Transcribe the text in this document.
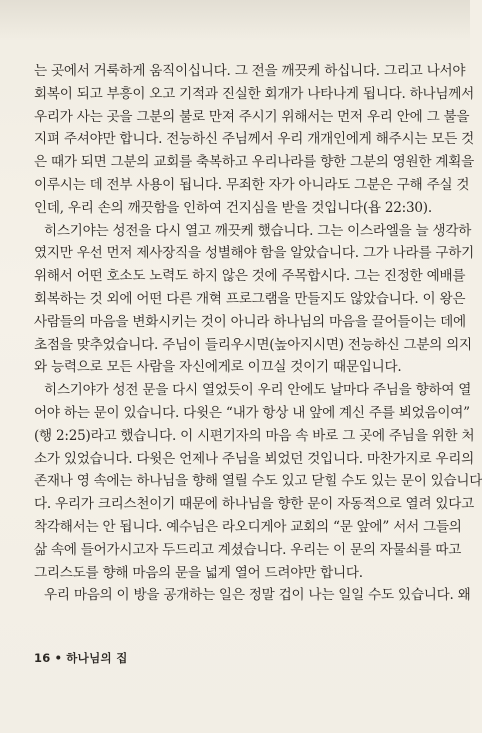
는 곳에서 거룩하게 움직이십니다. 그 전을 깨끗케 하십니다. 그리고 나서야
회복이 되고 부흥이 오고 기적과 진실한 회개가 나타나게 됩니다. 하나님께서
우리가 사는 곳을 그분의 불로 만져 주시기 위해서는 먼저 우리 안에 그 불을
지펴 주셔야만 합니다. 전능하신 주님께서 우리 개개인에게 해주시는 모든 것
은 때가 되면 그분의 교회를 축복하고 우리나라를 향한 그분의 영원한 계획을
이루시는 데 전부 사용이 됩니다. 무죄한 자가 아니라도 그분은 구해 주실 것
인데, 우리 손의 깨끗함을 인하여 건지심을 받을 것입니다(욥 22:30).

히스기야는 성전을 다시 열고 깨끗케 했습니다. 그는 이스라엘을 늘 생각하
였지만 우선 먼저 제사장직을 성별해야 함을 알았습니다. 그가 나라를 구하기
위해서 어떤 호소도 노력도 하지 않은 것에 주목합시다. 그는 진정한 예배를
회복하는 것 외에 어떤 다른 개혁 프로그램을 만들지도 않았습니다. 이 왕은
사람들의 마음을 변화시키는 것이 아니라 하나님의 마음을 끌어들이는 데에
초점을 맞추었습니다. 주님이 들리우시면(높아지시면) 전능하신 그분의 의지
와 능력으로 모든 사람을 자신에게로 이끄실 것이기 때문입니다.

히스기야가 성전 문을 다시 열었듯이 우리 안에도 날마다 주님을 향하여 열
어야 하는 문이 있습니다. 다윗은 “내가 항상 내 앞에 계신 주를 뵈었음이여”
(행 2:25)라고 했습니다. 이 시편기자의 마음 속 바로 그 곳에 주님을 위한 처
소가 있었습니다. 다윗은 언제나 주님을 뵈었던 것입니다. 마찬가지로 우리의
존재나 영 속에는 하나님을 향해 열릴 수도 있고 닫힐 수도 있는 문이 있습니다
다. 우리가 크리스천이기 때문에 하나님을 향한 문이 자동적으로 열려 있다고
착각해서는 안 됩니다. 예수님은 라오디게아 교회의 “문 앞에” 서서 그들의
삶 속에 들어가시고자 두드리고 계셨습니다. 우리는 이 문의 자물쇠를 따고
그리스도를 향해 마음의 문을 넓게 열어 드려야만 합니다.

우리 마음의 이 방을 공개하는 일은 정말 겁이 나는 일일 수도 있습니다. 왜

16 • 하나님의 집
